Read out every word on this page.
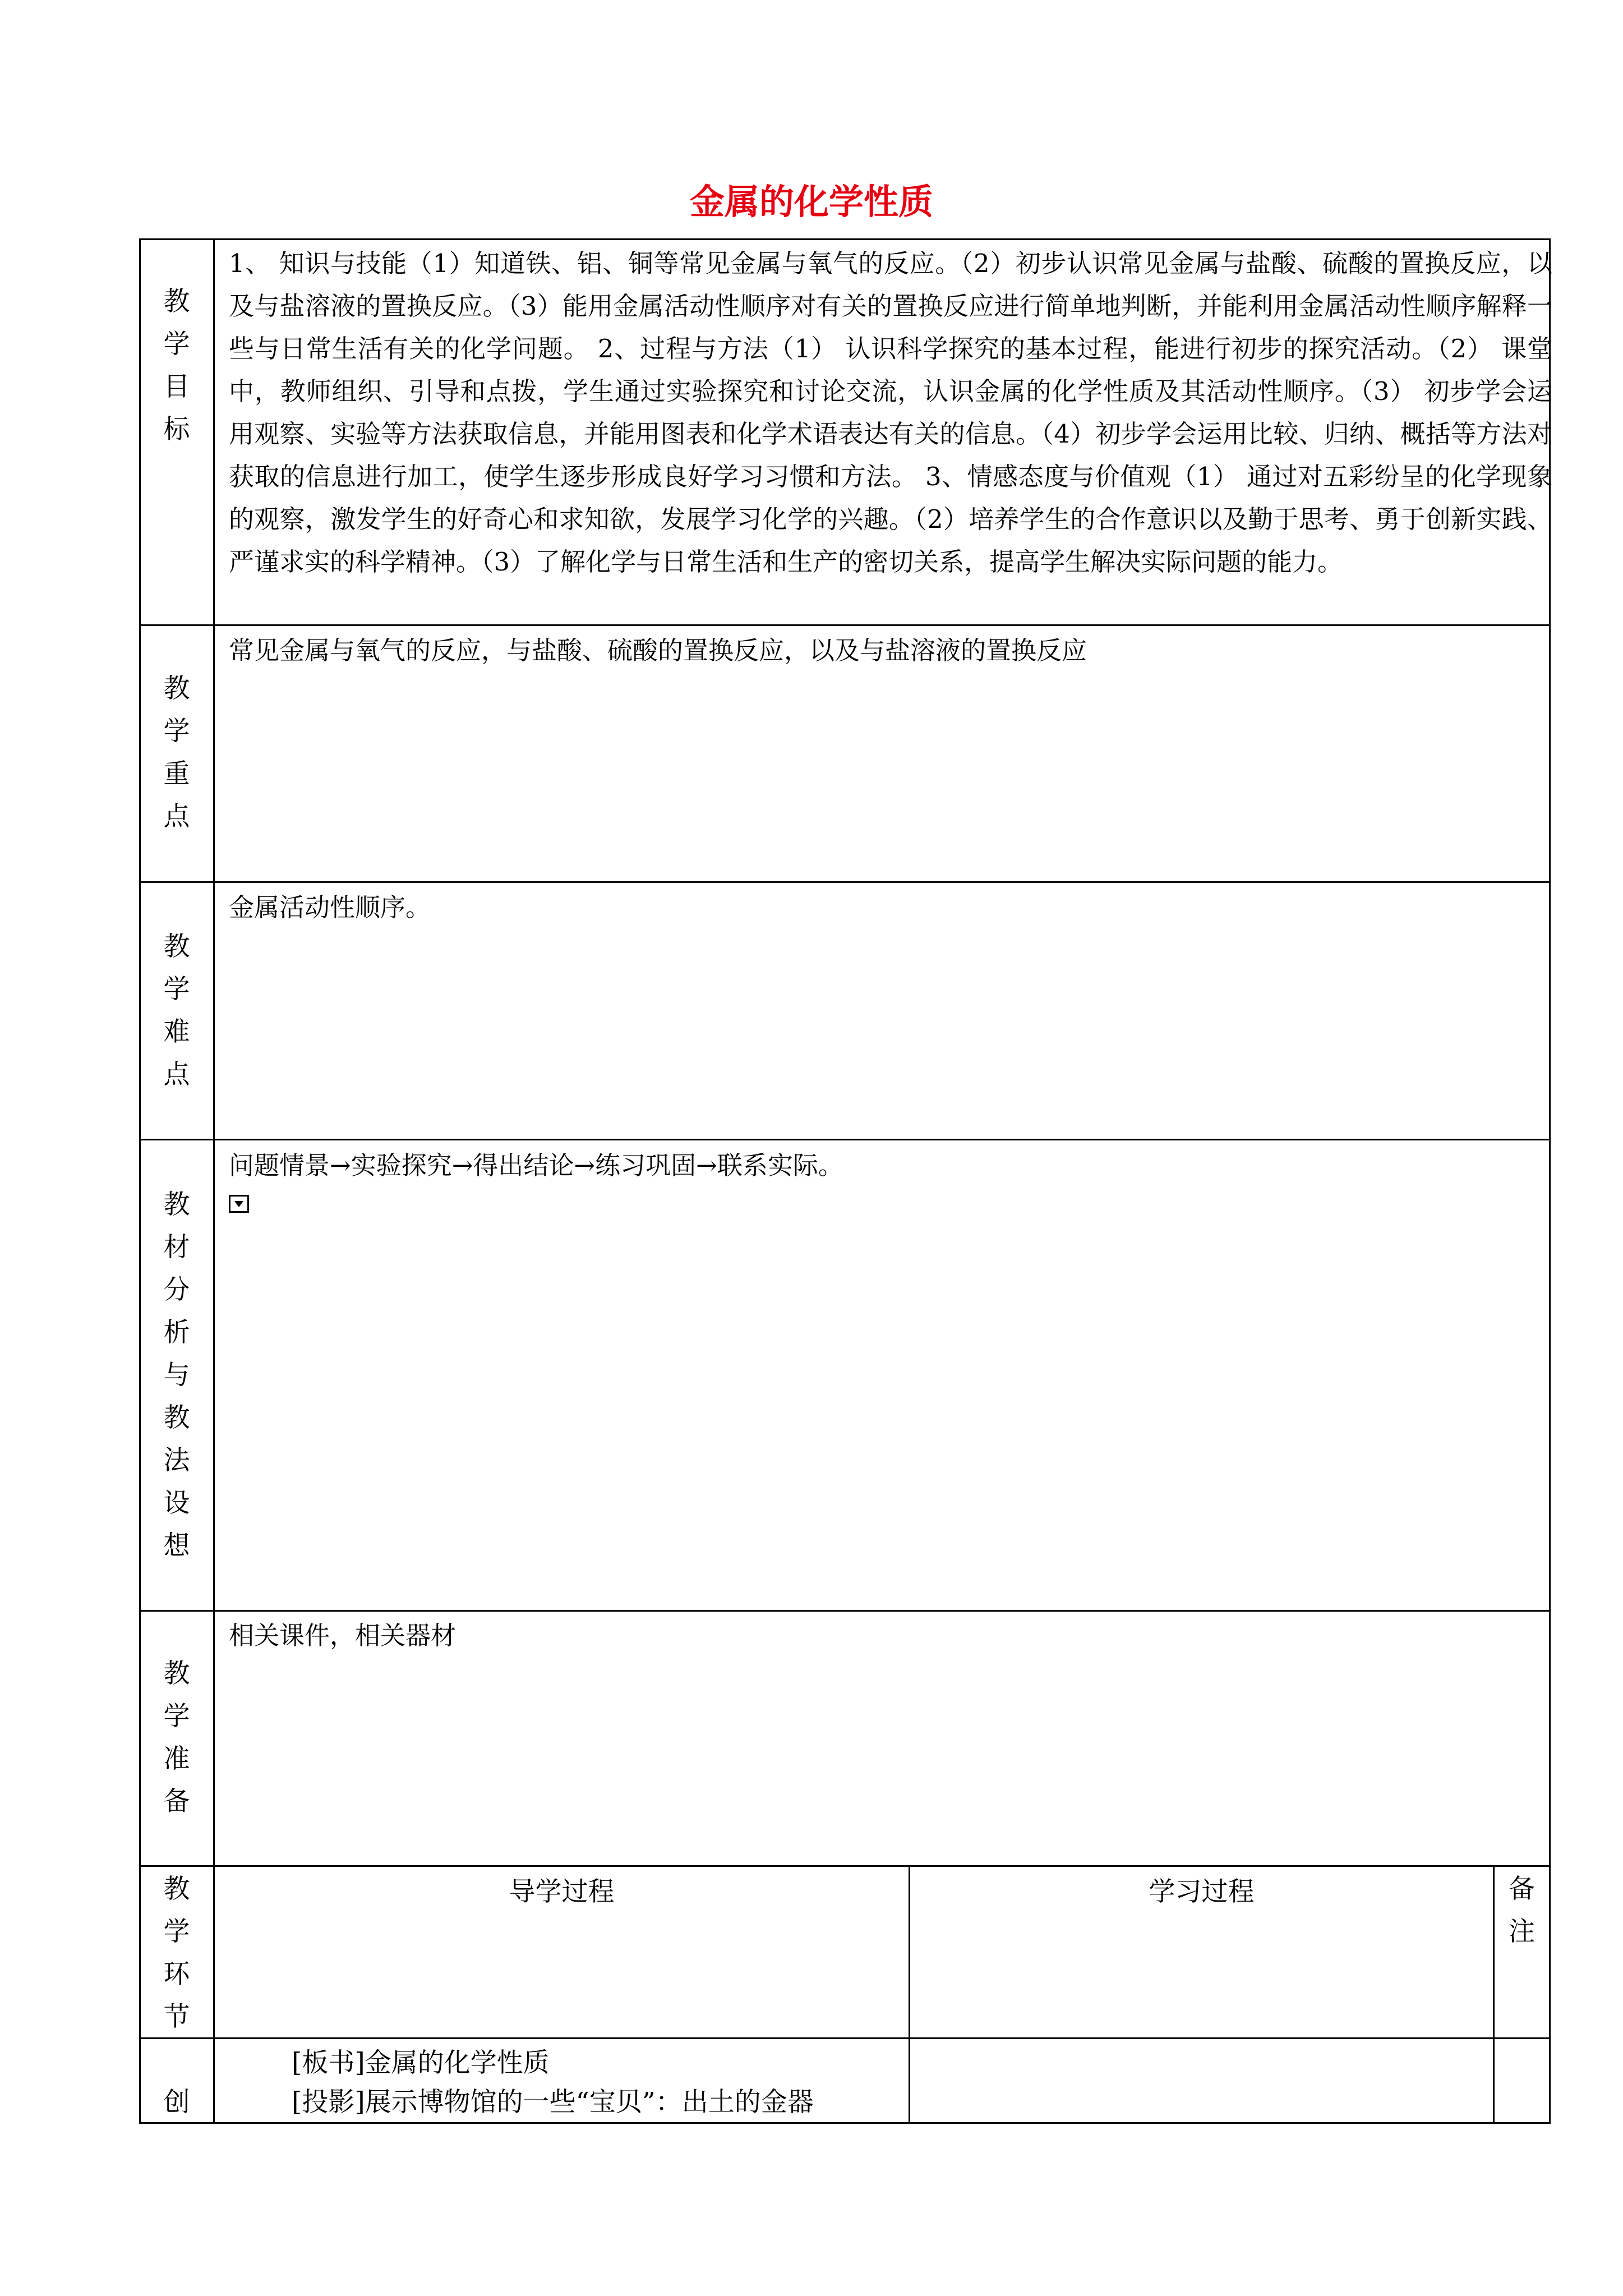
金属的化学性质
教
学
目
标
1、 知识与技能（1）知道铁、铝、铜等常见金属与氧气的反应。（2）初步认识常见金属与盐酸、硫酸的置换反应，以及与盐溶液的置换反应。（3）能用金属活动性顺序对有关的置换反应进行简单地判断，并能利用金属活动性顺序解释一些与日常生活有关的化学问题。 2、过程与方法（1） 认识科学探究的基本过程，能进行初步的探究活动。（2） 课堂中，教师组织、引导和点拨，学生通过实验探究和讨论交流，认识金属的化学性质及其活动性顺序。（3） 初步学会运用观察、实验等方法获取信息，并能用图表和化学术语表达有关的信息。（4）初步学会运用比较、归纳、概括等方法对获取的信息进行加工，使学生逐步形成良好学习习惯和方法。 3、情感态度与价值观（1） 通过对五彩纷呈的化学现象的观察，激发学生的好奇心和求知欲，发展学习化学的兴趣。（2）培养学生的合作意识以及勤于思考、勇于创新实践、严谨求实的科学精神。（3）了解化学与日常生活和生产的密切关系，提高学生解决实际问题的能力。
教
学
重
点
常见金属与氧气的反应，与盐酸、硫酸的置换反应，以及与盐溶液的置换反应
教
学
难
点
金属活动性顺序。
教
材
分
析
与
教
法
设
想
问题情景→实验探究→得出结论→练习巩固→联系实际。
教
学
准
备
相关课件，相关器材
教
学
环
节
导学过程	学习过程	备
注
创
[板书]金属的化学性质
[投影]展示博物馆的一些“宝贝”：出土的金器
